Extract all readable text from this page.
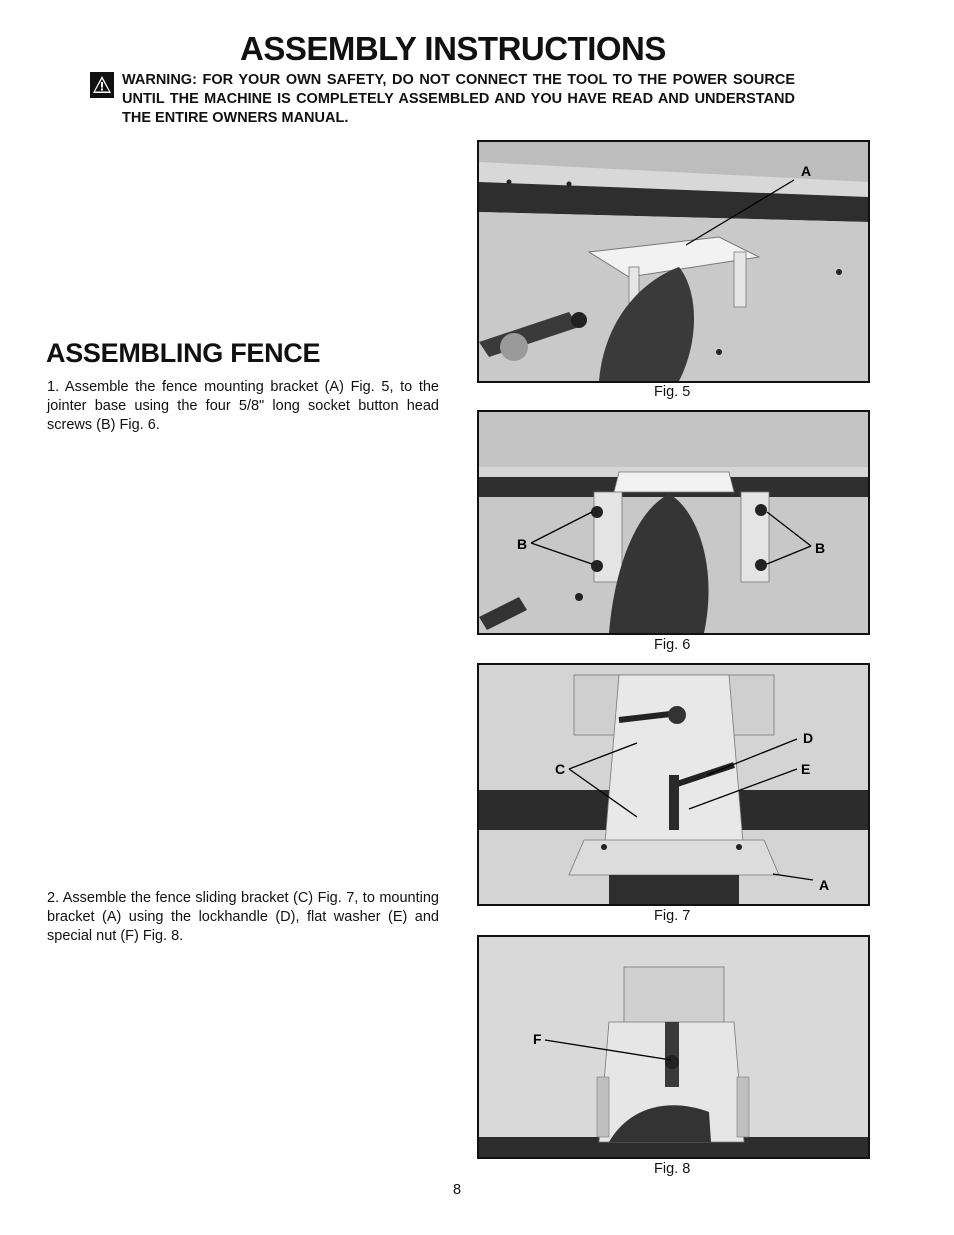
ASSEMBLY INSTRUCTIONS

WARNING: FOR YOUR OWN SAFETY, DO NOT CONNECT THE TOOL TO THE POWER SOURCE UNTIL THE MACHINE IS COMPLETELY ASSEMBLED AND YOU HAVE READ AND UNDERSTAND THE ENTIRE OWNERS MANUAL.

ASSEMBLING FENCE

1. Assemble the fence mounting bracket (A) Fig. 5, to the jointer base using the four 5/8" long socket button head screws (B) Fig. 6.

2. Assemble the fence sliding bracket (C) Fig. 7, to mounting bracket (A) using the lockhandle (D), flat washer (E) and special nut (F) Fig. 8.

A
Fig. 5
B	B
Fig. 6
D
C	E
A
Fig. 7
F
Fig. 8
8
